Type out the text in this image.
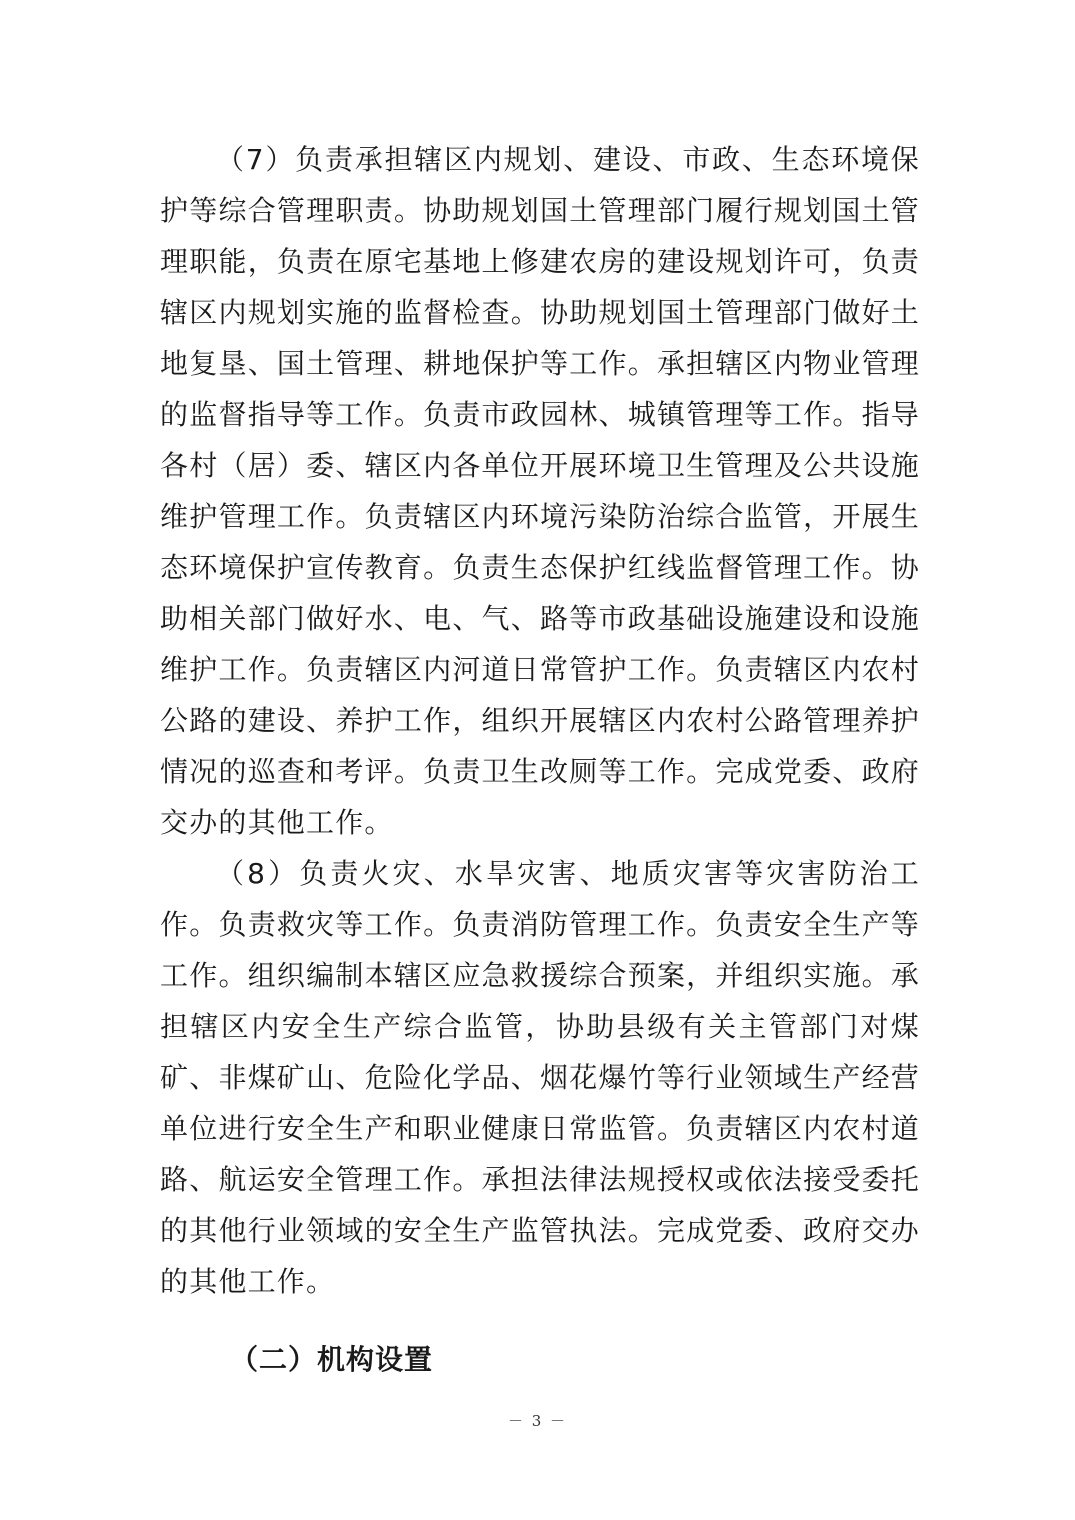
（7）负责承担辖区内规划、建设、市政、生态环境保护等综合管理职责。协助规划国土管理部门履行规划国土管理职能，负责在原宅基地上修建农房的建设规划许可，负责辖区内规划实施的监督检查。协助规划国土管理部门做好土地复垦、国土管理、耕地保护等工作。承担辖区内物业管理的监督指导等工作。负责市政园林、城镇管理等工作。指导各村（居）委、辖区内各单位开展环境卫生管理及公共设施维护管理工作。负责辖区内环境污染防治综合监管，开展生态环境保护宣传教育。负责生态保护红线监督管理工作。协助相关部门做好水、电、气、路等市政基础设施建设和设施维护工作。负责辖区内河道日常管护工作。负责辖区内农村公路的建设、养护工作，组织开展辖区内农村公路管理养护情况的巡查和考评。负责卫生改厕等工作。完成党委、政府交办的其他工作。

（8）负责火灾、水旱灾害、地质灾害等灾害防治工作。负责救灾等工作。负责消防管理工作。负责安全生产等工作。组织编制本辖区应急救援综合预案，并组织实施。承担辖区内安全生产综合监管，协助县级有关主管部门对煤矿、非煤矿山、危险化学品、烟花爆竹等行业领域生产经营单位进行安全生产和职业健康日常监管。负责辖区内农村道路、航运安全管理工作。承担法律法规授权或依法接受委托的其他行业领域的安全生产监管执法。完成党委、政府交办的其他工作。

（二）机构设置
－ 3 －
